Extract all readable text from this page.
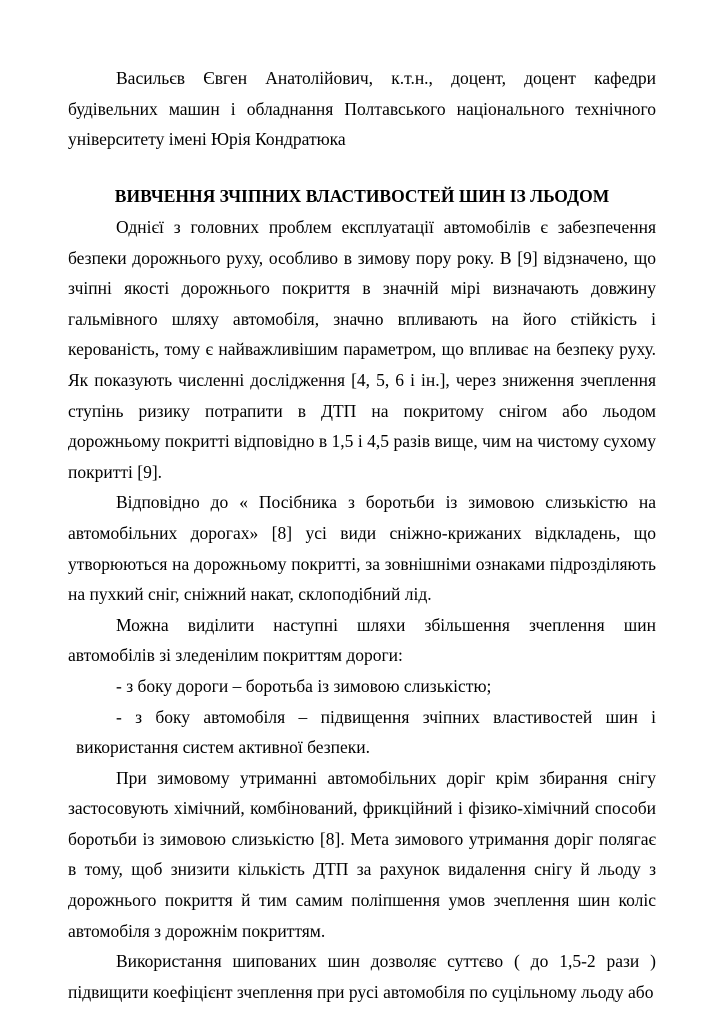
Васильєв Євген Анатолійович, к.т.н., доцент, доцент кафедри будівельних машин і обладнання Полтавського національного технічного університету імені Юрія Кондратюка

ВИВЧЕННЯ ЗЧІПНИХ ВЛАСТИВОСТЕЙ ШИН ІЗ ЛЬОДОМ

Однієї з головних проблем експлуатації автомобілів є забезпечення безпеки дорожнього руху, особливо в зимову пору року. В [9] відзначено, що зчіпні якості дорожнього покриття в значній мірі визначають довжину гальмівного шляху автомобіля, значно впливають на його стійкість і керованість, тому є найважливішим параметром, що впливає на безпеку руху. Як показують численні дослідження [4, 5, 6 і ін.], через зниження зчеплення ступінь ризику потрапити в ДТП на покритому снігом або льодом дорожньому покритті відповідно в 1,5 і 4,5 разів вище, чим на чистому сухому покритті [9].

Відповідно до « Посібника з боротьби із зимовою слизькістю на автомобільних дорогах» [8] усі види сніжно-крижаних відкладень, що утворюються на дорожньому покритті, за зовнішніми ознаками підрозділяють на пухкий сніг, сніжний накат, склоподібний лід.

Можна виділити наступні шляхи збільшення зчеплення шин автомобілів зі зледенілим покриттям дороги:

- з боку дороги – боротьба із зимовою слизькістю;

- з боку автомобіля – підвищення зчіпних властивостей шин і використання систем активної безпеки.

При зимовому утриманні автомобільних доріг крім збирання снігу застосовують хімічний, комбінований, фрикційний і фізико-хімічний способи боротьби із зимовою слизькістю [8]. Мета зимового утримання доріг полягає в тому, щоб знизити кількість ДТП за рахунок видалення снігу й льоду з дорожнього покриття й тим самим поліпшення умов зчеплення шин коліс автомобіля з дорожнім покриттям.

Використання шипованих шин дозволяє суттєво ( до 1,5-2 рази ) підвищити коефіцієнт зчеплення при русі автомобіля по суцільному льоду або
